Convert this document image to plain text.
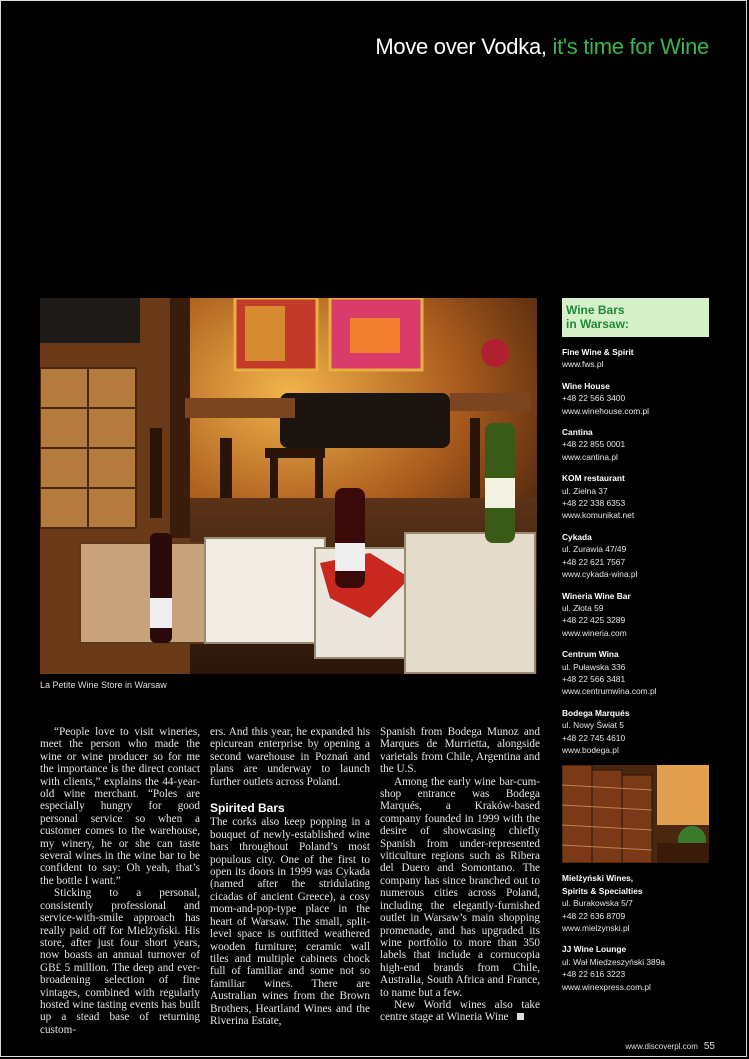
Move over Vodka, it's time for Wine
La Petite Wine Store in Warsaw

“People love to visit wineries, meet the person who made the wine or wine producer so for me the importance is the direct contact with clients,” explains the 44-year-old wine merchant. “Poles are especially hungry for good personal service so when a customer comes to the warehouse, my winery, he or she can taste several wines in the wine bar to be confident to say: Oh yeah, that’s the bottle I want.”

Sticking to a personal, consistently professional and service-with-smile approach has really paid off for Mielżyński. His store, after just four short years, now boasts an annual turnover of GB£ 5 million. The deep and ever-broadening selection of fine vintages, combined with regularly hosted wine tasting events has built up a stead base of returning custom-

ers. And this year, he expanded his epicurean enterprise by opening a second warehouse in Poznań and plans are underway to launch further outlets across Poland.

Spirited Bars

The corks also keep popping in a bouquet of newly-established wine bars throughout Poland’s most populous city. One of the first to open its doors in 1999 was Cykada (named after the stridulating cicadas of ancient Greece), a cosy mom-and-pop-type place in the heart of Warsaw. The small, split-level space is outfitted weathered wooden furniture; ceramic wall tiles and multiple cabinets chock full of familiar and some not so familiar wines. There are Australian wines from the Brown Brothers, Heartland Wines and the Riverina Estate,

Spanish from Bodega Munoz and Marques de Murrietta, alongside varietals from Chile, Argentina and the U.S.

Among the early wine bar-cum-shop entrance was Bodega Marqués, a Kraków-based company founded in 1999 with the desire of showcasing chiefly Spanish from under-represented viticulture regions such as Ribera del Duero and Somontano. The company has since branched out to numerous cities across Poland, including the elegantly-furnished outlet in Warsaw’s main shopping promenade, and has upgraded its wine portfolio to more than 350 labels that include a cornucopia high-end brands from Chile, Australia, South Africa and France, to name but a few.

New World wines also take centre stage at Wineria Wine

Wine Bars
in Warsaw:
Fine Wine & Spirit
www.fws.pl
Wine House
+48 22 566 3400
www.winehouse.com.pl
Cantina
+48 22 855 0001
www.cantina.pl
KOM restaurant
ul. Zielna 37
+48 22 338 6353
www.komunikat.net
Cykada
ul. Zurawia 47/49
+48 22 621 7567
www.cykada-wina.pl
Wineria Wine Bar
ul. Złota 59
+48 22 425 3289
www.wineria.com
Centrum Wina
ul. Puławska 336
+48 22 566 3481
www.centrumwina.com.pl
Bodega Marqués
ul. Nowy Świat 5
+48 22 745 4610
www.bodega.pl
Mielżyński Wines,
Spirits & Specialties
ul. Burakowska 5/7
+48 22 636 8709
www.mielzynski.pl
JJ Wine Lounge
ul. Wał Miedzeszyński 389a
+48 22 616 3223
www.winexpress.com.pl
www.discoverpl.com 55
